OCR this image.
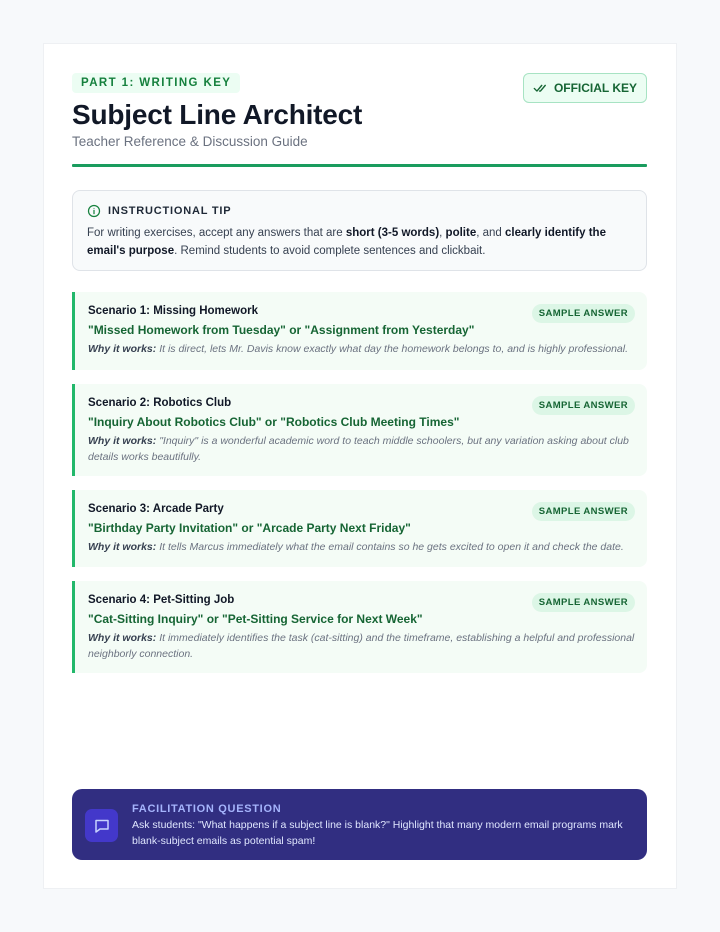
PART 1: WRITING KEY	OFFICIAL KEY
Subject Line Architect
Teacher Reference & Discussion Guide
INSTRUCTIONAL TIP

For writing exercises, accept any answers that are short (3-5 words), polite, and clearly identify the email's purpose. Remind students to avoid complete sentences and clickbait.

Scenario 1: Missing Homework	SAMPLE ANSWER
"Missed Homework from Tuesday" or "Assignment from Yesterday"
Why it works: It is direct, lets Mr. Davis know exactly what day the homework belongs to, and is highly professional.
Scenario 2: Robotics Club	SAMPLE ANSWER
"Inquiry About Robotics Club" or "Robotics Club Meeting Times"
Why it works: "Inquiry" is a wonderful academic word to teach middle schoolers, but any variation asking about club details works beautifully.
Scenario 3: Arcade Party	SAMPLE ANSWER
"Birthday Party Invitation" or "Arcade Party Next Friday"
Why it works: It tells Marcus immediately what the email contains so he gets excited to open it and check the date.
Scenario 4: Pet-Sitting Job	SAMPLE ANSWER
"Cat-Sitting Inquiry" or "Pet-Sitting Service for Next Week"
Why it works: It immediately identifies the task (cat-sitting) and the timeframe, establishing a helpful and professional neighborly connection.
FACILITATION QUESTION
Ask students: "What happens if a subject line is blank?" Highlight that many modern email programs mark blank-subject emails as potential spam!
